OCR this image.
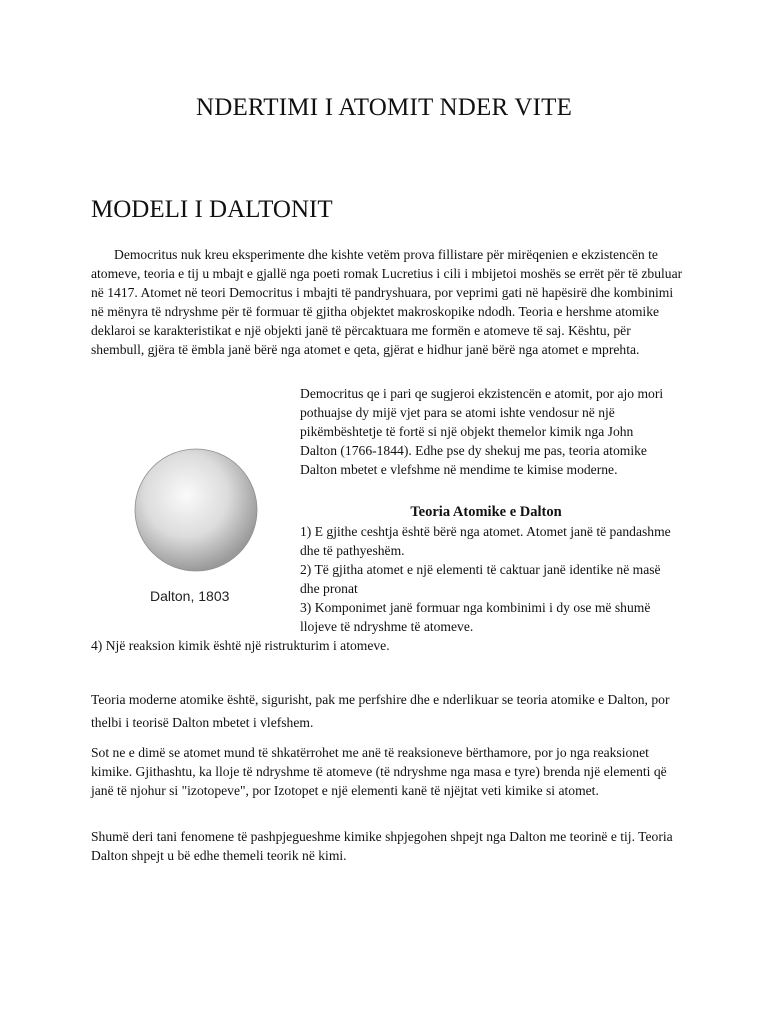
NDERTIMI I ATOMIT NDER VITE
MODELI I DALTONIT

Democritus nuk kreu eksperimente dhe kishte vetëm prova fillistare për mirëqenien e ekzistencën te atomeve, teoria e tij u mbajt e gjallë nga poeti romak Lucretius i cili i mbijetoi moshës se errët për të zbuluar në 1417. Atomet në teori Democritus i mbajti të pandryshuara, por veprimi gati në hapësirë dhe kombinimi në mënyra të ndryshme për të formuar të gjitha objektet makroskopike ndodh. Teoria e hershme atomike deklaroi se karakteristikat e një objekti janë të përcaktuara me formën e atomeve të saj. Kështu, për shembull, gjëra të ëmbla janë bërë nga atomet e qeta, gjërat e hidhur janë bërë nga atomet e mprehta.

Dalton, 1803

Democritus qe i pari qe sugjeroi ekzistencën e atomit, por ajo mori pothuajse dy mijë vjet para se atomi ishte vendosur në një pikëmbështetje të fortë si një objekt themelor kimik nga John Dalton (1766-1844). Edhe pse dy shekuj me pas, teoria atomike Dalton mbetet e vlefshme në mendime te kimise moderne.

Teoria Atomike e Dalton
1) E gjithe ceshtja është bërë nga atomet. Atomet janë të pandashme dhe të pathyeshëm.
2) Të gjitha atomet e një elementi të caktuar janë identike në masë dhe pronat
3) Komponimet janë formuar nga kombinimi i dy ose më shumë llojeve të ndryshme të atomeve.
4) Një reaksion kimik është një ristrukturim i atomeve.

Teoria moderne atomike është, sigurisht, pak me perfshire dhe e nderlikuar se teoria atomike e Dalton, por thelbi i teorisë Dalton mbetet i vlefshem.

Sot ne e dimë se atomet mund të shkatërrohet me anë të reaksioneve bërthamore, por jo nga reaksionet kimike. Gjithashtu, ka lloje të ndryshme të atomeve (të ndryshme nga masa e tyre) brenda një elementi që janë të njohur si "izotopeve", por Izotopet e një elementi kanë të njëjtat veti kimike si atomet.

Shumë deri tani fenomene të pashpjegueshme kimike shpjegohen shpejt nga Dalton me teorinë e tij. Teoria Dalton shpejt u bë edhe themeli teorik në kimi.
